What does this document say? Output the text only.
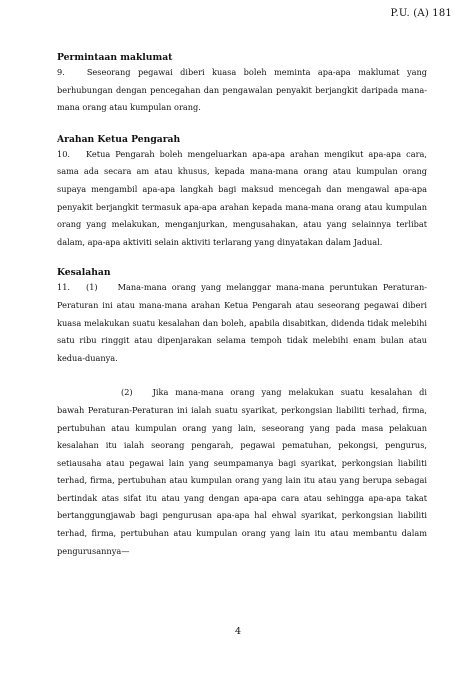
P.U. (A) 181

Permintaan maklumat

9.	Seseorang pegawai diberi kuasa boleh meminta apa-apa maklumat yang berhubungan dengan pencegahan dan pengawalan penyakit berjangkit daripada mana-mana orang atau kumpulan orang.

Arahan Ketua Pengarah

10. Ketua Pengarah boleh mengeluarkan apa-apa arahan mengikut apa-apa cara, sama ada secara am atau khusus, kepada mana-mana orang atau kumpulan orang supaya mengambil apa-apa langkah bagi maksud mencegah dan mengawal apa-apa penyakit berjangkit termasuk apa-apa arahan kepada mana-mana orang atau kumpulan orang yang melakukan, menganjurkan, mengusahakan, atau yang selainnya terlibat dalam, apa-apa aktiviti selain aktiviti terlarang yang dinyatakan dalam Jadual.

Kesalahan

11. (1) Mana-mana orang yang melanggar mana-mana peruntukan Peraturan-Peraturan ini atau mana-mana arahan Ketua Pengarah atau seseorang pegawai diberi kuasa melakukan suatu kesalahan dan boleh, apabila disabitkan, didenda tidak melebihi satu ribu ringgit atau dipenjarakan selama tempoh tidak melebihi enam bulan atau kedua-duanya.

(2) Jika mana-mana orang yang melakukan suatu kesalahan di bawah Peraturan-Peraturan ini ialah suatu syarikat, perkongsian liabiliti terhad, firma, pertubuhan atau kumpulan orang yang lain, seseorang yang pada masa pelakuan kesalahan itu ialah seorang pengarah, pegawai pematuhan, pekongsi, pengurus, setiausaha atau pegawai lain yang seumpamanya bagi syarikat, perkongsian liabiliti terhad, firma, pertubuhan atau kumpulan orang yang lain itu atau yang berupa sebagai bertindak atas sifat itu atau yang dengan apa-apa cara atau sehingga apa-apa takat bertanggungjawab bagi pengurusan apa-apa hal ehwal syarikat, perkongsian liabiliti terhad, firma, pertubuhan atau kumpulan orang yang lain itu atau membantu dalam pengurusannya—

4
